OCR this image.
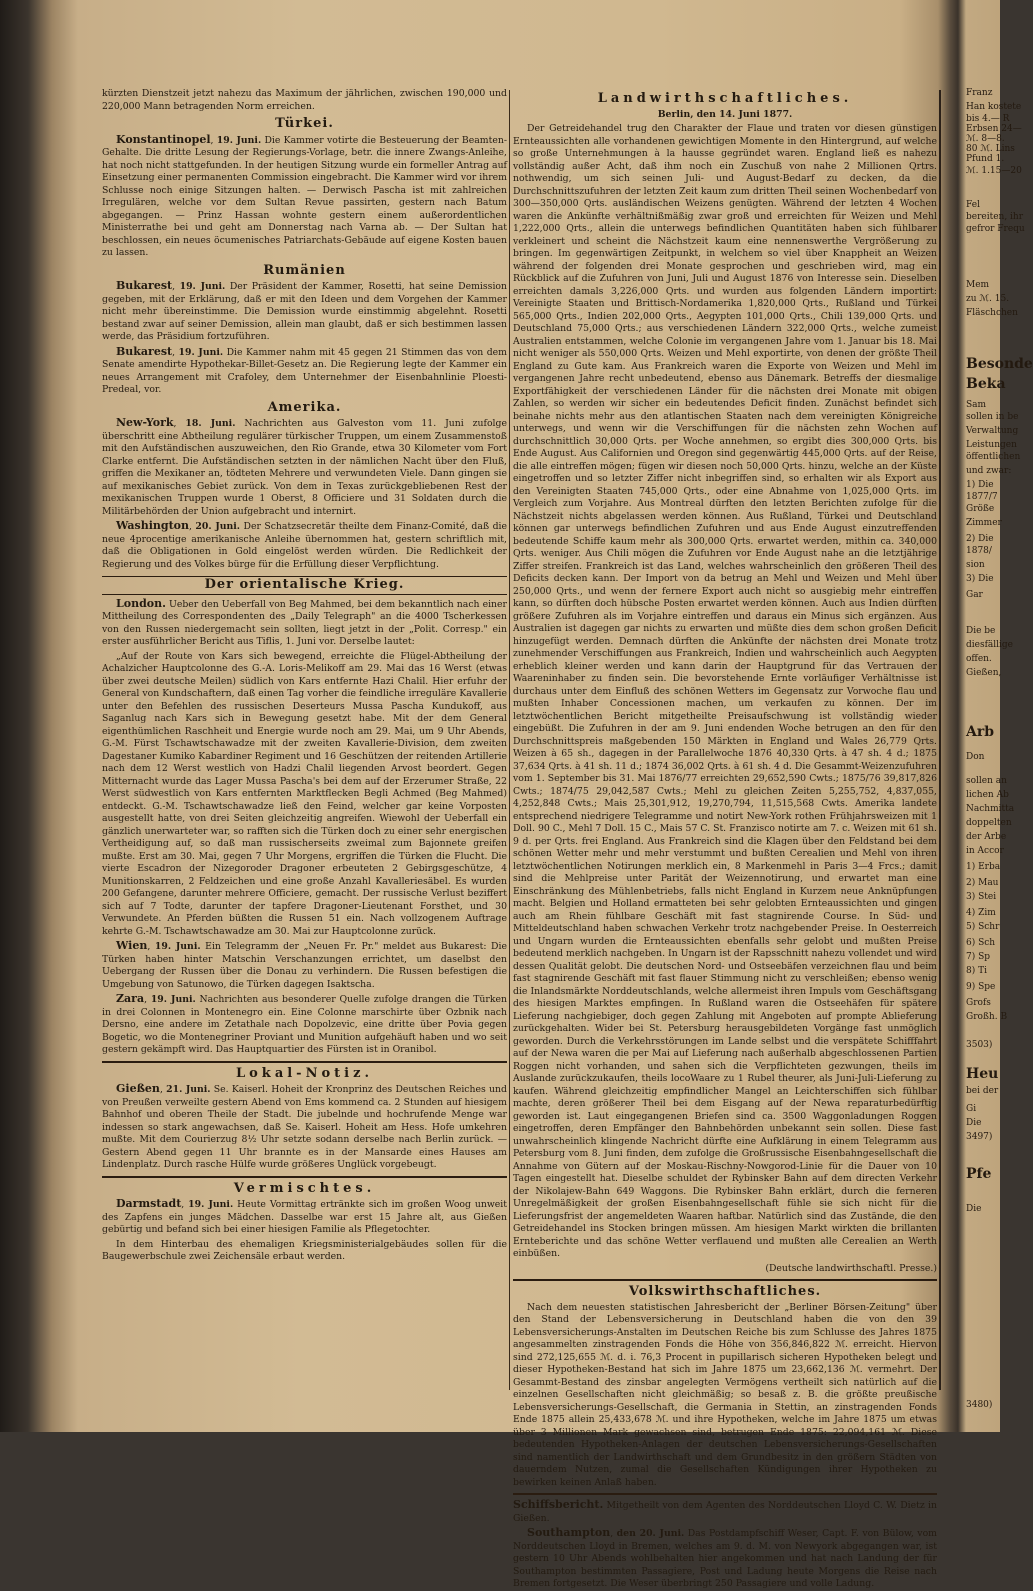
kürzten Dienstzeit jetzt nahezu das Maximum der jährlichen, zwischen 190,000 und 220,000 Mann betragenden Norm erreichen.

Türkei.

Konstantinopel, 19. Juni. Die Kammer votirte die Besteuerung der Beamten-Gehalte. Die dritte Lesung der Regierungs-Vorlage, betr. die innere Zwangs-Anleihe, hat noch nicht stattgefunden. In der heutigen Sitzung wurde ein formeller Antrag auf Einsetzung einer permanenten Commission eingebracht. Die Kammer wird vor ihrem Schlusse noch einige Sitzungen halten. — Derwisch Pascha ist mit zahlreichen Irregulären, welche vor dem Sultan Revue passirten, gestern nach Batum abgegangen. — Prinz Hassan wohnte gestern einem außerordentlichen Ministerrathe bei und geht am Donnerstag nach Varna ab. — Der Sultan hat beschlossen, ein neues öcumenisches Patriarchats-Gebäude auf eigene Kosten bauen zu lassen.

Rumänien

Bukarest, 19. Juni. Der Präsident der Kammer, Rosetti, hat seine Demission gegeben, mit der Erklärung, daß er mit den Ideen und dem Vorgehen der Kammer nicht mehr übereinstimme. Die Demission wurde einstimmig abgelehnt. Rosetti bestand zwar auf seiner Demission, allein man glaubt, daß er sich bestimmen lassen werde, das Präsidium fortzuführen.

Bukarest, 19. Juni. Die Kammer nahm mit 45 gegen 21 Stimmen das von dem Senate amendirte Hypothekar-Billet-Gesetz an. Die Regierung legte der Kammer ein neues Arrangement mit Crafoley, dem Unternehmer der Eisenbahnlinie Ploesti-Predeal, vor.

Amerika.

New-York, 18. Juni. Nachrichten aus Galveston vom 11. Juni zufolge überschritt eine Abtheilung regulärer türkischer Truppen, um einem Zusammenstoß mit den Aufständischen auszuweichen, den Rio Grande, etwa 30 Kilometer vom Fort Clarke entfernt. Die Aufständischen setzten in der nämlichen Nacht über den Fluß, griffen die Mexikaner an, tödteten Mehrere und verwundeten Viele. Dann gingen sie auf mexikanisches Gebiet zurück. Von dem in Texas zurückgebliebenen Rest der mexikanischen Truppen wurde 1 Oberst, 8 Officiere und 31 Soldaten durch die Militärbehörden der Union aufgebracht und internirt.

Washington, 20. Juni. Der Schatzsecretär theilte dem Finanz-Comité, daß die neue 4procentige amerikanische Anleihe übernommen hat, gestern schriftlich mit, daß die Obligationen in Gold eingelöst werden würden. Die Redlichkeit der Regierung und des Volkes bürge für die Erfüllung dieser Verpflichtung.

Der orientalische Krieg.

London. Ueber den Ueberfall von Beg Mahmed, bei dem bekanntlich nach einer Mittheilung des Correspondenten des „Daily Telegraph" an die 4000 Tscherkessen von den Russen niedergemacht sein sollten, liegt jetzt in der „Polit. Corresp." ein erster ausführlicher Bericht aus Tiflis, 1. Juni vor. Derselbe lautet:

„Auf der Route von Kars sich bewegend, erreichte die Flügel-Abtheilung der Achalzicher Hauptcolonne des G.-A. Loris-Melikoff am 29. Mai das 16 Werst (etwas über zwei deutsche Meilen) südlich von Kars entfernte Hazi Chalil. Hier erfuhr der General von Kundschaftern, daß einen Tag vorher die feindliche irreguläre Kavallerie unter den Befehlen des russischen Deserteurs Mussa Pascha Kundukoff, aus Saganlug nach Kars sich in Bewegung gesetzt habe. Mit der dem General eigenthümlichen Raschheit und Energie wurde noch am 29. Mai, um 9 Uhr Abends, G.-M. Fürst Tschawtschawadze mit der zweiten Kavallerie-Division, dem zweiten Dagestaner Kumiko Kabardiner Regiment und 16 Geschützen der reitenden Artillerie nach dem 12 Werst westlich von Hadzi Chalil liegenden Arvost beordert. Gegen Mitternacht wurde das Lager Mussa Pascha's bei dem auf der Erzerumer Straße, 22 Werst südwestlich von Kars entfernten Marktflecken Begli Achmed (Beg Mahmed) entdeckt. G.-M. Tschawtschawadze ließ den Feind, welcher gar keine Vorposten ausgestellt hatte, von drei Seiten gleichzeitig angreifen. Wiewohl der Ueberfall ein gänzlich unerwarteter war, so rafften sich die Türken doch zu einer sehr energischen Vertheidigung auf, so daß man russischerseits zweimal zum Bajonnete greifen mußte. Erst am 30. Mai, gegen 7 Uhr Morgens, ergriffen die Türken die Flucht. Die vierte Escadron der Nizegoroder Dragoner erbeuteten 2 Gebirgsgeschütze, 4 Munitionskarren, 2 Feldzeichen und eine große Anzahl Kavalleriesäbel. Es wurden 200 Gefangene, darunter mehrere Officiere, gemacht. Der russische Verlust beziffert sich auf 7 Todte, darunter der tapfere Dragoner-Lieutenant Forsthet, und 30 Verwundete. An Pferden büßten die Russen 51 ein. Nach vollzogenem Auftrage kehrte G.-M. Tschawtschawadze am 30. Mai zur Hauptcolonne zurück.

Wien, 19. Juni. Ein Telegramm der „Neuen Fr. Pr." meldet aus Bukarest: Die Türken haben hinter Matschin Verschanzungen errichtet, um daselbst den Uebergang der Russen über die Donau zu verhindern. Die Russen befestigen die Umgebung von Satunowo, die Türken dagegen Isaktscha.

Zara, 19. Juni. Nachrichten aus besonderer Quelle zufolge drangen die Türken in drei Colonnen in Montenegro ein. Eine Colonne marschirte über Ozbnik nach Dersno, eine andere im Zetathale nach Dopolzevic, eine dritte über Povia gegen Bogetic, wo die Montenegriner Proviant und Munition aufgehäuft haben und wo seit gestern gekämpft wird. Das Hauptquartier des Fürsten ist in Oranibol.

Lokal-Notiz.

Gießen, 21. Juni. Se. Kaiserl. Hoheit der Kronprinz des Deutschen Reiches und von Preußen verweilte gestern Abend von Ems kommend ca. 2 Stunden auf hiesigem Bahnhof und oberen Theile der Stadt. Die jubelnde und hochrufende Menge war indessen so stark angewachsen, daß Se. Kaiserl. Hoheit am Hess. Hofe umkehren mußte. Mit dem Courierzug 8½ Uhr setzte sodann derselbe nach Berlin zurück. — Gestern Abend gegen 11 Uhr brannte es in der Mansarde eines Hauses am Lindenplatz. Durch rasche Hülfe wurde größeres Unglück vorgebeugt.

Vermischtes.

Darmstadt, 19. Juni. Heute Vormittag ertränkte sich im großen Woog unweit des Zapfens ein junges Mädchen. Dasselbe war erst 15 Jahre alt, aus Gießen gebürtig und befand sich bei einer hiesigen Familie als Pflegetochter.

In dem Hinterbau des ehemaligen Kriegsministerialgebäudes sollen für die Baugewerbschule zwei Zeichensäle erbaut werden.

Landwirthschaftliches.
Berlin, den 14. Juni 1877.

Der Getreidehandel trug den Charakter der Flaue und traten vor diesen günstigen Ernteaussichten alle vorhandenen gewichtigen Momente in den Hintergrund, auf welche so große Unternehmungen à la hausse gegründet waren. England ließ es nahezu vollständig außer Acht, daß ihm noch ein Zuschuß von nahe 2 Millionen Qrtrs. nothwendig, um sich seinen Juli- und August-Bedarf zu decken, da die Durchschnittszufuhren der letzten Zeit kaum zum dritten Theil seinen Wochenbedarf von 300—350,000 Qrts. ausländischen Weizens genügten. Während der letzten 4 Wochen waren die Ankünfte verhältnißmäßig zwar groß und erreichten für Weizen und Mehl 1,222,000 Qrts., allein die unterwegs befindlichen Quantitäten haben sich fühlbarer verkleinert und scheint die Nächstzeit kaum eine nennenswerthe Vergrößerung zu bringen. Im gegenwärtigen Zeitpunkt, in welchem so viel über Knappheit an Weizen während der folgenden drei Monate gesprochen und geschrieben wird, mag ein Rückblick auf die Zufuhren von Juni, Juli und August 1876 von Interesse sein. Dieselben erreichten damals 3,226,000 Qrts. und wurden aus folgenden Ländern importirt: Vereinigte Staaten und Brittisch-Nordamerika 1,820,000 Qrts., Rußland und Türkei 565,000 Qrts., Indien 202,000 Qrts., Aegypten 101,000 Qrts., Chili 139,000 Qrts. und Deutschland 75,000 Qrts.; aus verschiedenen Ländern 322,000 Qrts., welche zumeist Australien entstammen, welche Colonie im vergangenen Jahre vom 1. Januar bis 18. Mai nicht weniger als 550,000 Qrts. Weizen und Mehl exportirte, von denen der größte Theil England zu Gute kam. Aus Frankreich waren die Exporte von Weizen und Mehl im vergangenen Jahre recht unbedeutend, ebenso aus Dänemark. Betreffs der diesmalige Exportfähigkeit der verschiedenen Länder für die nächsten drei Monate mit obigen Zahlen, so werden wir sicher ein bedeutendes Deficit finden. Zunächst befindet sich beinahe nichts mehr aus den atlantischen Staaten nach dem vereinigten Königreiche unterwegs, und wenn wir die Verschiffungen für die nächsten zehn Wochen auf durchschnittlich 30,000 Qrts. per Woche annehmen, so ergibt dies 300,000 Qrts. bis Ende August. Aus Californien und Oregon sind gegenwärtig 445,000 Qrts. auf der Reise, die alle eintreffen mögen; fügen wir diesen noch 50,000 Qrts. hinzu, welche an der Küste eingetroffen und so letzter Ziffer nicht inbegriffen sind, so erhalten wir als Export aus den Vereinigten Staaten 745,000 Qrts., oder eine Abnahme von 1,025,000 Qrts. im Vergleich zum Vorjahre. Aus Montreal dürften den letzten Berichten zufolge für die Nächstzeit nichts abgelassen werden können. Aus Rußland, Türkei und Deutschland können gar unterwegs befindlichen Zufuhren und aus Ende August einzutreffenden bedeutende Schiffe kaum mehr als 300,000 Qrts. erwartet werden, mithin ca. 340,000 Qrts. weniger. Aus Chili mögen die Zufuhren vor Ende August nahe an die letztjährige Ziffer streifen. Frankreich ist das Land, welches wahrscheinlich den größeren Theil des Deficits decken kann. Der Import von da betrug an Mehl und Weizen und Mehl über 250,000 Qrts., und wenn der fernere Export auch nicht so ausgiebig mehr eintreffen kann, so dürften doch hübsche Posten erwartet werden können. Auch aus Indien dürften größere Zufuhren als im Vorjahre eintreffen und daraus ein Minus sich ergänzen. Aus Australien ist dagegen gar nichts zu erwarten und müßte dies dem schon großen Deficit hinzugefügt werden. Demnach dürften die Ankünfte der nächsten drei Monate trotz zunehmender Verschiffungen aus Frankreich, Indien und wahrscheinlich auch Aegypten erheblich kleiner werden und kann darin der Hauptgrund für das Vertrauen der Waareninhaber zu finden sein. Die bevorstehende Ernte vorläufiger Verhältnisse ist durchaus unter dem Einfluß des schönen Wetters im Gegensatz zur Vorwoche flau und mußten Inhaber Concessionen machen, um verkaufen zu können. Der im letztwöchentlichen Bericht mitgetheilte Preisaufschwung ist vollständig wieder eingebüßt. Die Zufuhren in der am 9. Juni endenden Woche betrugen an den für den Durchschnittspreis maßgebenden 150 Märkten in England und Wales 26,779 Qrts. Weizen à 65 sh., dagegen in der Parallelwoche 1876 40,330 Qrts. à 47 sh. 4 d.; 1875 37,634 Qrts. à 41 sh. 11 d.; 1874 36,002 Qrts. à 61 sh. 4 d. Die Gesammt-Weizenzufuhren vom 1. September bis 31. Mai 1876/77 erreichten 29,652,590 Cwts.; 1875/76 39,817,826 Cwts.; 1874/75 29,042,587 Cwts.; Mehl zu gleichen Zeiten 5,255,752, 4,837,055, 4,252,848 Cwts.; Mais 25,301,912, 19,270,794, 11,515,568 Cwts. Amerika landete entsprechend niedrigere Telegramme und notirt New-York rothen Frühjahrsweizen mit 1 Doll. 90 C., Mehl 7 Doll. 15 C., Mais 57 C. St. Franzisco notirte am 7. c. Weizen mit 61 sh. 9 d. per Qrts. frei England. Aus Frankreich sind die Klagen über den Feldstand bei dem schönen Wetter mehr und mehr verstummt und bußten Cerealien und Mehl von ihren letztwöchentlichen Notirungen merklich ein, 8 Markenmehl in Paris 3—4 Frcs.; damit sind die Mehlpreise unter Parität der Weizennotirung, und erwartet man eine Einschränkung des Mühlenbetriebs, falls nicht England in Kurzem neue Anknüpfungen macht. Belgien und Holland ermatteten bei sehr gelobten Ernteaussichten und gingen auch am Rhein fühlbare Geschäft mit fast stagnirende Course. In Süd- und Mitteldeutschland haben schwachen Verkehr trotz nachgebender Preise. In Oesterreich und Ungarn wurden die Ernteaussichten ebenfalls sehr gelobt und mußten Preise bedeutend merklich nachgeben. In Ungarn ist der Rapsschnitt nahezu vollendet und wird dessen Qualität gelobt. Die deutschen Nord- und Ostseebäfen verzeichnen flau und beim fast stagnirende Geschäft mit fast flauer Stimmung nicht zu verschleißen; ebenso wenig die Inlandsmärkte Norddeutschlands, welche allermeist ihren Impuls vom Geschäftsgang des hiesigen Marktes empfingen. In Rußland waren die Ostseehäfen für spätere Lieferung nachgiebiger, doch gegen Zahlung mit Angeboten auf prompte Ablieferung zurückgehalten. Wider bei St. Petersburg herausgebildeten Vorgänge fast unmöglich geworden. Durch die Verkehrsstörungen im Lande selbst und die verspätete Schifffahrt auf der Newa waren die per Mai auf Lieferung nach außerhalb abgeschlossenen Partien Roggen nicht vorhanden, und sahen sich die Verpflichteten gezwungen, theils im Auslande zurückzukaufen, theils locoWaare zu 1 Rubel theurer, als Juni-Juli-Lieferung zu kaufen. Während gleichzeitig empfindlicher Mangel an Leichterschiffen sich fühlbar machte, deren größerer Theil bei dem Eisgang auf der Newa reparaturbedürftig geworden ist. Laut eingegangenen Briefen sind ca. 3500 Waggonladungen Roggen eingetroffen, deren Empfänger den Bahnbehörden unbekannt sein sollen. Diese fast unwahrscheinlich klingende Nachricht dürfte eine Aufklärung in einem Telegramm aus Petersburg vom 8. Juni finden, dem zufolge die Großrussische Eisenbahngesellschaft die Annahme von Gütern auf der Moskau-Rischny-Nowgorod-Linie für die Dauer von 10 Tagen eingestellt hat. Dieselbe schuldet der Rybinsker Bahn auf dem directen Verkehr der Nikolajew-Bahn 649 Waggons. Die Rybinsker Bahn erklärt, durch die ferneren Unregelmäßigkeit der großen Eisenbahngesellschaft fühle sie sich nicht für die Lieferungsfrist der angemeldeten Waaren haftbar. Natürlich sind das Zustände, die den Getreidehandel ins Stocken bringen müssen. Am hiesigen Markt wirkten die brillanten Ernteberichte und das schöne Wetter verflauend und mußten alle Cerealien an Werth einbüßen.

(Deutsche landwirthschaftl. Presse.)
Volkswirthschaftliches.

Nach dem neuesten statistischen Jahresbericht der „Berliner Börsen-Zeitung" über den Stand der Lebensversicherung in Deutschland haben die von den 39 Lebensversicherungs-Anstalten im Deutschen Reiche bis zum Schlusse des Jahres 1875 angesammelten zinstragenden Fonds die Höhe von 356,846,822 ℳ. erreicht. Hiervon sind 272,125,655 ℳ. d. i. 76,3 Procent in pupillarisch sicheren Hypotheken belegt und dieser Hypotheken-Bestand hat sich im Jahre 1875 um 23,662,136 ℳ. vermehrt. Der Gesammt-Bestand des zinsbar angelegten Vermögens vertheilt sich natürlich auf die einzelnen Gesellschaften nicht gleichmäßig; so besaß z. B. die größte preußische Lebensversicherungs-Gesellschaft, die Germania in Stettin, an zinstragenden Fonds Ende 1875 allein 25,433,678 ℳ. und ihre Hypotheken, welche im Jahre 1875 um etwas über 3 Millionen Mark gewachsen sind, betrugen Ende 1875: 22,094,161 ℳ. Diese bedeutenden Hypotheken-Anlagen der deutschen Lebensversicherungs-Gesellschaften sind namentlich der Landwirthschaft und dem Grundbesitz in den größern Städten von dauerndem Nutzen, zumal die Gesellschaften Kündigungen ihrer Hypotheken zu bewirken keinen Anlaß haben.

Schiffsbericht. Mitgetheilt von dem Agenten des Norddeutschen Lloyd C. W. Dietz in Gießen.

Southampton, den 20. Juni. Das Postdampfschiff Weser, Capt. F. von Bülow, vom Norddeutschen Lloyd in Bremen, welches am 9. d. M. von Newyork abgegangen war, ist gestern 10 Uhr Abends wohlbehalten hier angekommen und hat nach Landung der für Southampton bestimmten Passagiere, Post und Ladung heute Morgens die Reise nach Bremen fortgesetzt. Die Weser überbringt 250 Passagiere und volle Ladung.

Franz
Han kostete
bis 4.— R
Erbsen 24—
ℳ. 8—8.
80 ℳ. Lins
Pfund 1.
ℳ. 1.15—20
Fel
bereiten, ihr
gefror Frequ
Mem
zu ℳ. 15.
Fläschchen
Besonde
Beka
Sam
sollen in be
Verwaltung
Leistungen
öffentlichen
und zwar:
1) Die
1877/7
Größe
Zimmer
2) Die
1878/
sion
3) Die
Gar
Die be
diesfällige
offen.
Gießen,
Arb
Don
sollen an
lichen Ab
Nachmitta
doppelten
der Arbe
in Accor
1) Erba
2) Mau
3) Stei
4) Zim
5) Schr
6) Sch
7) Sp
8) Ti
9) Spe
Grofs
Großh. B
3503)
Heu
bei der
Gi
Die
3497)
Pfe
Die
3480)
